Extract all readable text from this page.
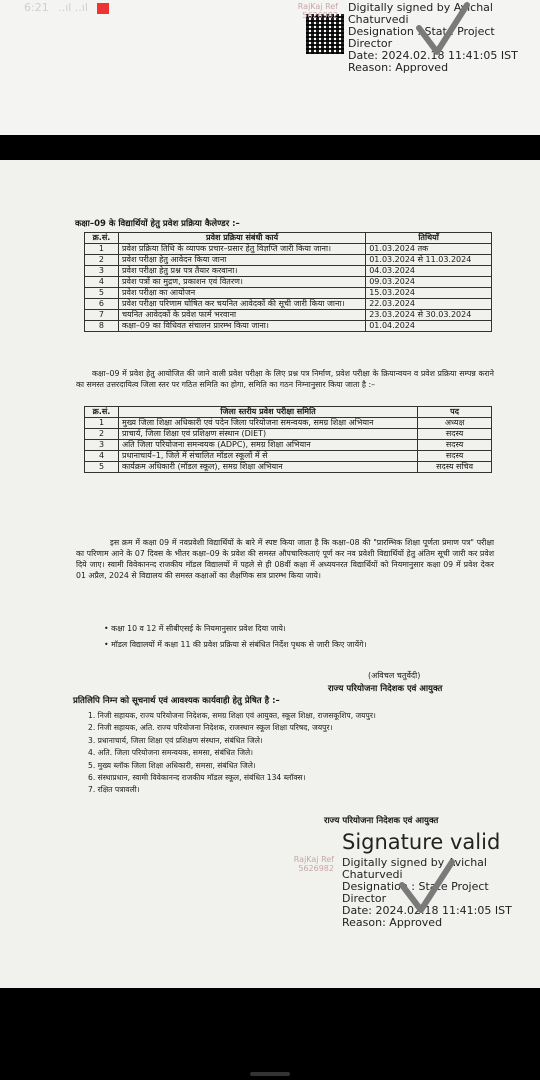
6:21 ..ıl ..ıl	RajKaj Ref
5626982
Digitally signed by Avichal
Chaturvedi
Designation : State Project Director
Date: 2024.02.18 11:41:05 IST
Reason: Approved
कक्षा–09 के विद्यार्थियों हेतु प्रवेश प्रक्रिया कैलेण्डर :–
क्र.सं.	प्रवेश प्रक्रिया संबंधी कार्य	तिथियाँ
1	प्रवेश प्रक्रिया तिथि के व्यापक प्रचार–प्रसार हेतु विज्ञप्ति जारी किया जाना।	01.03.2024 तक
2	प्रवेश परीक्षा हेतु आवेदन किया जाना	01.03.2024 से 11.03.2024
3	प्रवेश परीक्षा हेतु प्रश्न पत्र तैयार करवाना।	04.03.2024
4	प्रवेश पत्रों का मुद्रण, प्रकाशन एवं वितरण।	09.03.2024
5	प्रवेश परीक्षा का आयोजन	15.03.2024
6	प्रवेश परीक्षा परिणाम घोषित कर चयनित आवेदकों की सूची जारी किया जाना।	22.03.2024
7	चयनित आवेदकों के प्रवेश फार्म भरवाना	23.03.2024 से 30.03.2024
8	कक्षा–09 का विधिवत संचालन प्रारम्भ किया जाना।	01.04.2024
कक्षा–09 में प्रवेश हेतु आयोजित की जाने वाली प्रवेश परीक्षा के लिए प्रश्न पत्र निर्माण, प्रवेश परीक्षा के क्रियान्वयन व प्रवेश प्रक्रिया सम्पन्न कराने का समस्त उत्तरदायित्व जिला स्तर पर गठित समिति का होगा, समिति का गठन निम्नानुसार किया जाता है :–
क्र.सं.	जिला स्तरीय प्रवेश परीक्षा समिति	पद
1	मुख्य जिला शिक्षा अधिकारी एवं पदेन जिला परियोजना समन्वयक, समग्र शिक्षा अभियान	अध्यक्ष
2	प्राचार्य, जिला शिक्षा एवं प्रशिक्षण संस्थान (DIET)	सदस्य
3	अति जिला परियोजना समन्वयक (ADPC), समग्र शिक्षा अभियान	सदस्य
4	प्रधानाचार्य–1, जिले में संचालित मॉडल स्कूलों में से	सदस्य
5	कार्यक्रम अधिकारी (मॉडल स्कूल), समग्र शिक्षा अभियान	सदस्य सचिव
इस क्रम में कक्षा 09 में नवप्रवेशी विद्यार्थियों के बारे में स्पष्ट किया जाता है कि कक्षा–08 की "प्रारम्भिक शिक्षा पूर्णता प्रमाण पत्र" परीक्षा का परिणाम आने के 07 दिवस के भीतर कक्षा–09 के प्रवेश की समस्त औपचारिकताएं पूर्ण कर नव प्रवेशी विद्यार्थियों हेतु अंतिम सूची जारी कर प्रवेश दिये जाए। स्वामी विवेकानन्द राजकीय मॉडल विद्यालयों में पहले से ही 08वीं कक्षा में अध्ययनरत विद्यार्थियों को नियमानुसार कक्षा 09 में प्रवेश देकर 01 अप्रैल, 2024 से विद्यालय की समस्त कक्षाओं का शैक्षणिक सत्र प्रारम्भ किया जाये।
• कक्षा 10 व 12 में सीबीएसई के नियमानुसार प्रवेश दिया जाये।
• मॉडल विद्यालयों में कक्षा 11 की प्रवेश प्रक्रिया से संबंधित निर्देश पृथक से जारी किए जायेंगे।
(अविचल चतुर्वेदी)
राज्य परियोजना निदेशक एवं आयुक्त
प्रतिलिपि निम्न को सूचनार्थ एवं आवश्यक कार्यवाही हेतु प्रेषित है :–
1. निजी सहायक, राज्य परियोजना निदेशक, समग्र शिक्षा एवं आयुक्त, स्कूल शिक्षा, राजसकूशिप, जयपुर।
2. निजी सहायक, अति. राज्य परियोजना निदेशक, राजस्थान स्कूल शिक्षा परिषद, जयपुर।
3. प्रधानाचार्य, जिला शिक्षा एवं प्रशिक्षण संस्थान, संबंधित जिले।
4. अति. जिला परियोजना समन्वयक, समसा, संबंधित जिले।
5. मुख्य ब्लॉक जिला शिक्षा अधिकारी, समसा, संबंधित जिले।
6. संस्थाप्रधान, स्वामी विवेकानन्द राजकीय मॉडल स्कूल, संबंधित 134 ब्लॉक्स।
7. रक्षित पत्रावली।
राज्य परियोजना निदेशक एवं आयुक्त
Signature valid
Digitally signed by Avichal
Chaturvedi
Designation : State Project Director
Date: 2024.02.18 11:41:05 IST
Reason: Approved
RajKaj Ref
5626982
